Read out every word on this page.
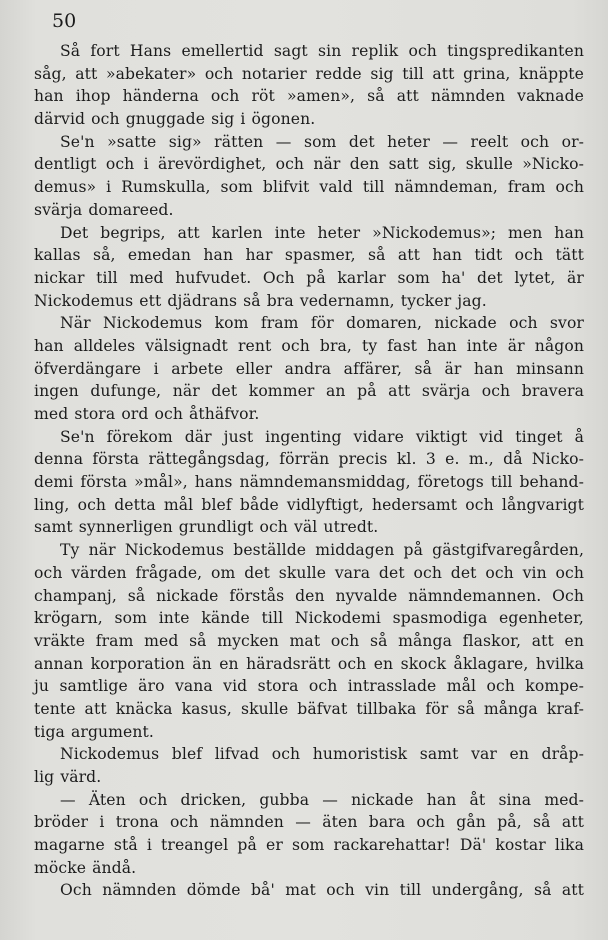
50

Så fort Hans emellertid sagt sin replik och tingspredikanten
såg, att »abekater» och notarier redde sig till att grina, knäppte
han ihop händerna och röt »amen», så att nämnden vaknade
därvid och gnuggade sig i ögonen.
Se'n »satte sig» rätten — som det heter — reelt och or-
dentligt och i ärevördighet, och när den satt sig, skulle »Nicko-
demus» i Rumskulla, som blifvit vald till nämndeman, fram och
svärja domareed.
Det begrips, att karlen inte heter »Nickodemus»; men han
kallas så, emedan han har spasmer, så att han tidt och tätt
nickar till med hufvudet. Och på karlar som ha' det lytet, är
Nickodemus ett djädrans så bra vedernamn, tycker jag.
När Nickodemus kom fram för domaren, nickade och svor
han alldeles välsignadt rent och bra, ty fast han inte är någon
öfverdängare i arbete eller andra affärer, så är han minsann
ingen dufunge, när det kommer an på att svärja och bravera
med stora ord och åthäfvor.
Se'n förekom där just ingenting vidare viktigt vid tinget å
denna första rättegångsdag, förrän precis kl. 3 e. m., då Nicko-
demi första »mål», hans nämndemansmiddag, företogs till behand-
ling, och detta mål blef både vidlyftigt, hedersamt och långvarigt
samt synnerligen grundligt och väl utredt.
Ty när Nickodemus beställde middagen på gästgifvaregården,
och värden frågade, om det skulle vara det och det och vin och
champanj, så nickade förstås den nyvalde nämndemannen. Och
krögarn, som inte kände till Nickodemi spasmodiga egenheter,
vräkte fram med så mycken mat och så många flaskor, att en
annan korporation än en häradsrätt och en skock åklagare, hvilka
ju samtlige äro vana vid stora och intrasslade mål och kompe-
tente att knäcka kasus, skulle bäfvat tillbaka för så många kraf-
tiga argument.
Nickodemus blef lifvad och humoristisk samt var en dråp-
lig värd.
— Äten och dricken, gubba — nickade han åt sina med-
bröder i trona och nämnden — äten bara och gån på, så att
magarne stå i treangel på er som rackarehattar! Dä' kostar lika
möcke ändå.
Och nämnden dömde bå' mat och vin till undergång, så att
